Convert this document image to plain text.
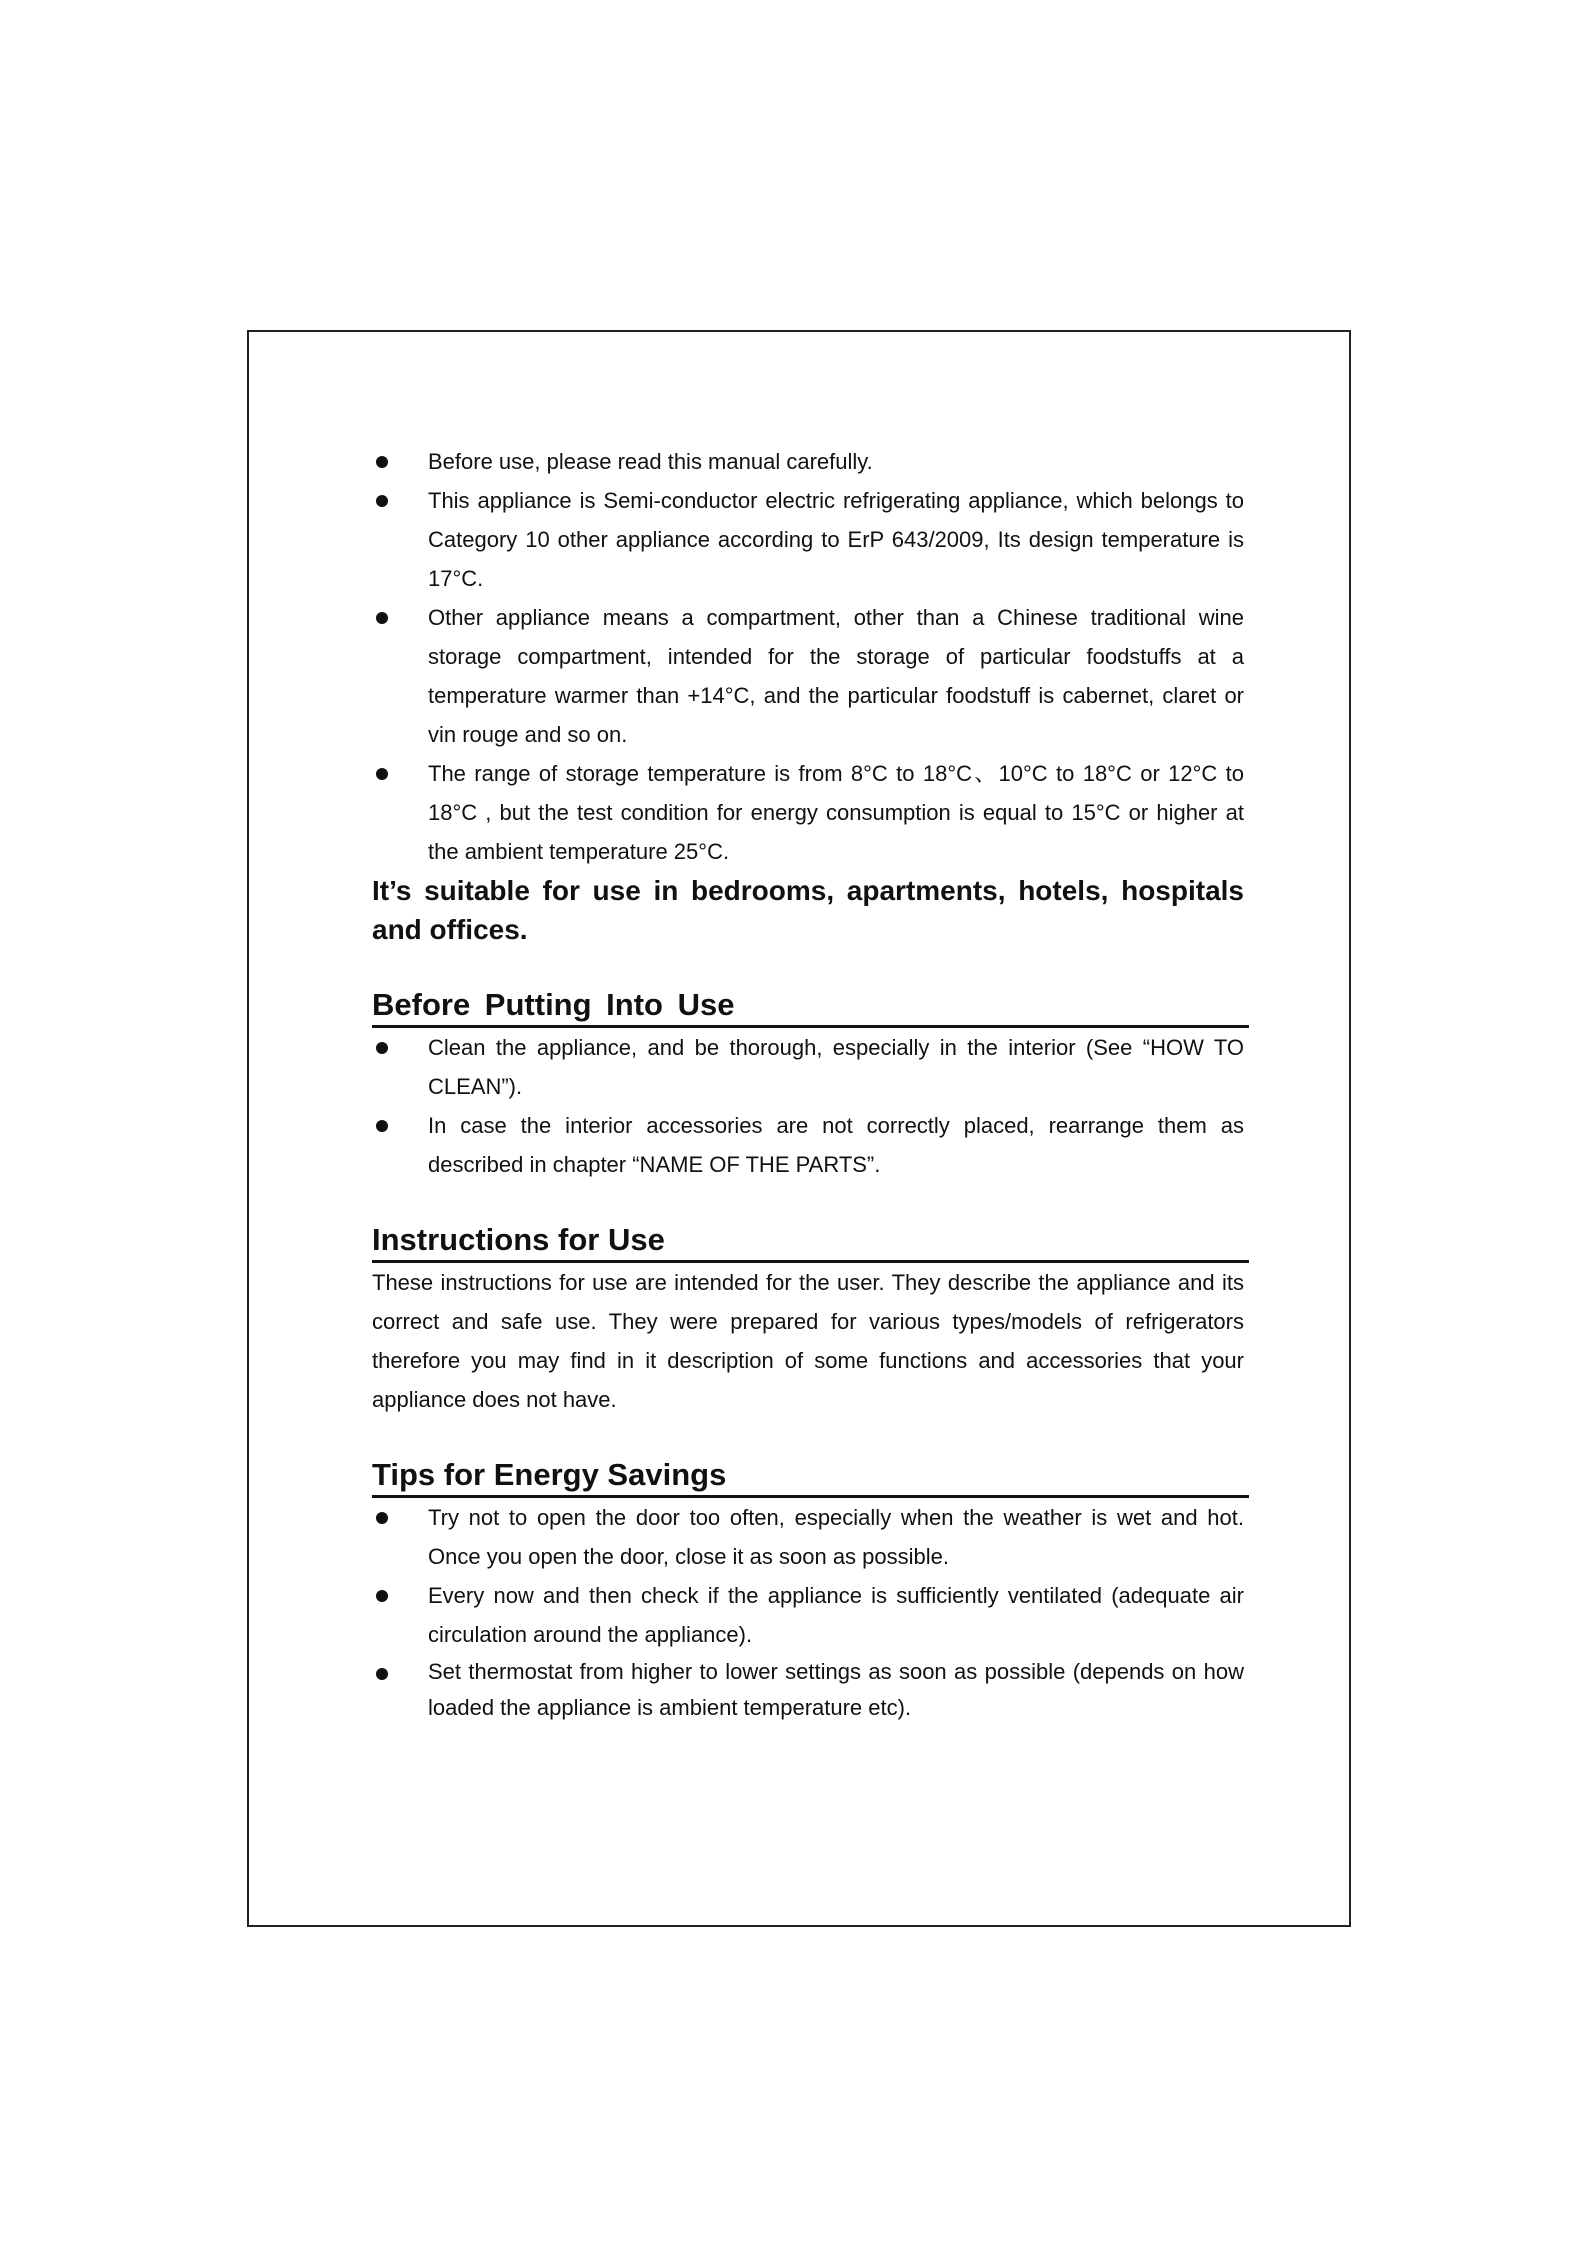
Before use, please read this manual carefully.
This appliance is Semi-conductor electric refrigerating appliance, which belongs to Category 10 other appliance according to ErP 643/2009, Its design temperature is 17°C.
Other appliance means a compartment, other than a Chinese traditional wine storage compartment, intended for the storage of particular foodstuffs at a temperature warmer than +14°C, and the particular foodstuff is cabernet, claret or vin rouge and so on.
The range of storage temperature is from 8°C to 18°C、10°C to 18°C or 12°C to 18°C , but the test condition for energy consumption is equal to 15°C or higher at the ambient temperature 25°C.

It’s suitable for use in bedrooms, apartments, hotels, hospitals and offices.

Before Putting Into Use
Clean the appliance, and be thorough, especially in the interior (See “HOW TO CLEAN”).
In case the interior accessories are not correctly placed, rearrange them as described in chapter “NAME OF THE PARTS”.
Instructions for Use

These instructions for use are intended for the user. They describe the appliance and its correct and safe use. They were prepared for various types/models of refrigerators therefore you may find in it description of some functions and accessories that your appliance does not have.

Tips for Energy Savings
Try not to open the door too often, especially when the weather is wet and hot. Once you open the door, close it as soon as possible.
Every now and then check if the appliance is sufficiently ventilated (adequate air circulation around the appliance).
Set thermostat from higher to lower settings as soon as possible (depends on how loaded the appliance is ambient temperature etc).
